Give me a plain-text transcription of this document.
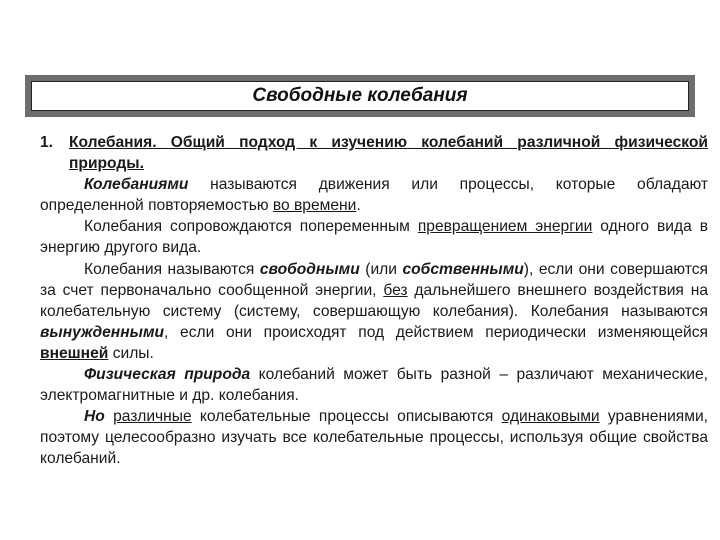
Свободные колебания
1.	Колебания. Общий подход к изучению колебаний различной физической природы.

Колебаниями называются движения или процессы, которые обладают определенной повторяемостью во времени.

Колебания сопровождаются попеременным превращением энергии одного вида в энергию другого вида.

Колебания называются свободными (или собственными), если они совершаются за счет первоначально сообщенной энергии, без дальнейшего внешнего воздействия на колебательную систему (систему, совершающую колебания). Колебания называются вынужденными, если они происходят под действием периодически изменяющейся внешней силы.

Физическая природа колебаний может быть разной – различают механические, электромагнитные и др. колебания.

Но различные колебательные процессы описываются одинаковыми уравнениями, поэтому целесообразно изучать все колебательные процессы, используя общие свойства колебаний.
